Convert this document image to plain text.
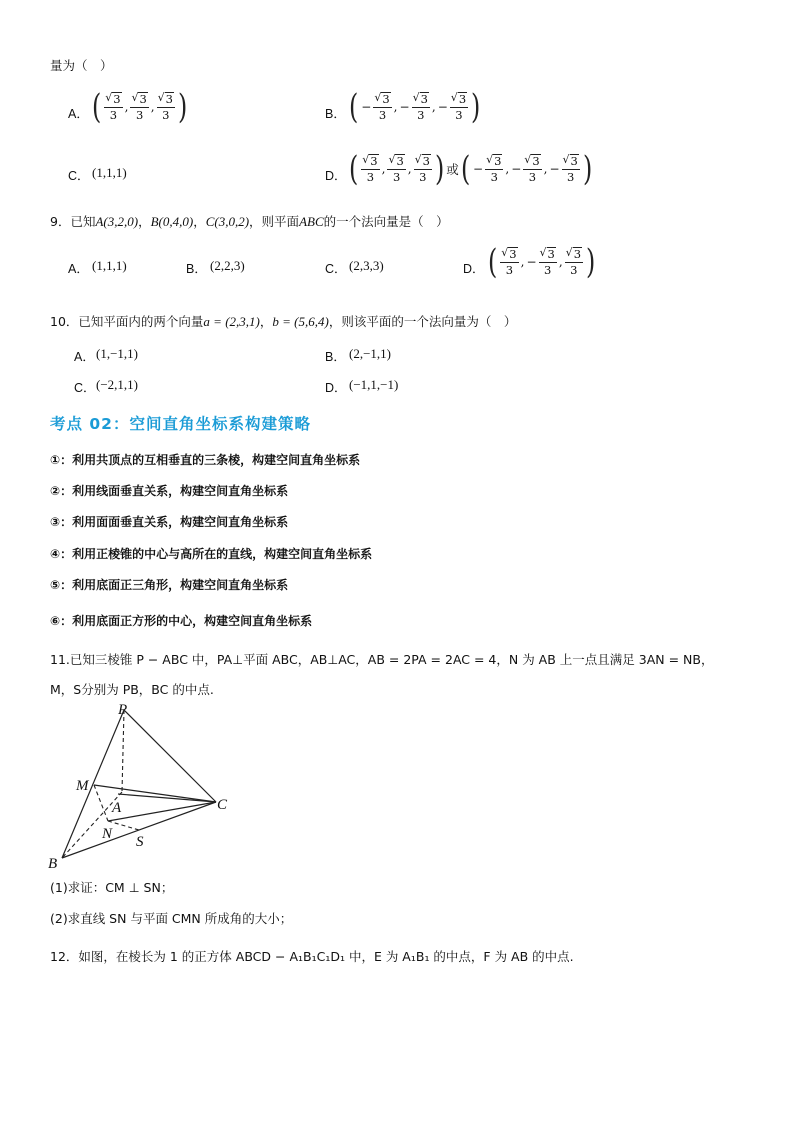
量为（　）
A． ( $\frac{√ 3}{3}$ , $\frac{√ 3}{3}$ , $\frac{√ 3}{3}$ )	B． ( − $\frac{√ 3}{3}$ , − $\frac{√ 3}{3}$ , − $\frac{√ 3}{3}$ )
C． (1,1,1)	D． ( $\frac{√ 3}{3}$ , $\frac{√ 3}{3}$ , $\frac{√ 3}{3}$ ) 或 ( − $\frac{√ 3}{3}$ , − $\frac{√ 3}{3}$ , − $\frac{√ 3}{3}$ )
9．已知A(3,2,0)，B(0,4,0)，C(3,0,2)，则平面ABC的一个法向量是（　）
A． (1,1,1)	B． (2,2,3)	C． (2,3,3)	D． ( $\frac{√ 3}{3}$ , − $\frac{√ 3}{3}$ , $\frac{√ 3}{3}$ )
10．已知平面内的两个向量a = (2,3,1)，b = (5,6,4)，则该平面的一个法向量为（　）
A． (1,−1,1)	B． (2,−1,1)
C． (−2,1,1)	D． (−1,1,−1)
考点 02：空间直角坐标系构建策略
①：利用共顶点的互相垂直的三条棱，构建空间直角坐标系
②：利用线面垂直关系，构建空间直角坐标系
③：利用面面垂直关系，构建空间直角坐标系
④：利用正棱锥的中心与高所在的直线，构建空间直角坐标系
⑤：利用底面正三角形，构建空间直角坐标系
⑥：利用底面正方形的中心，构建空间直角坐标系
11.已知三棱锥 P − ABC 中，PA⊥平面 ABC，AB⊥AC，AB = 2PA = 2AC = 4，N 为 AB 上一点且满足 3AN = NB，
M，S分别为 PB，BC 的中点.
P
M
A	C
N S
B
(1)求证：CM ⊥ SN；
(2)求直线 SN 与平面 CMN 所成角的大小；
12．如图，在棱长为 1 的正方体 ABCD − A₁B₁C₁D₁ 中，E 为 A₁B₁ 的中点，F 为 AB 的中点.
